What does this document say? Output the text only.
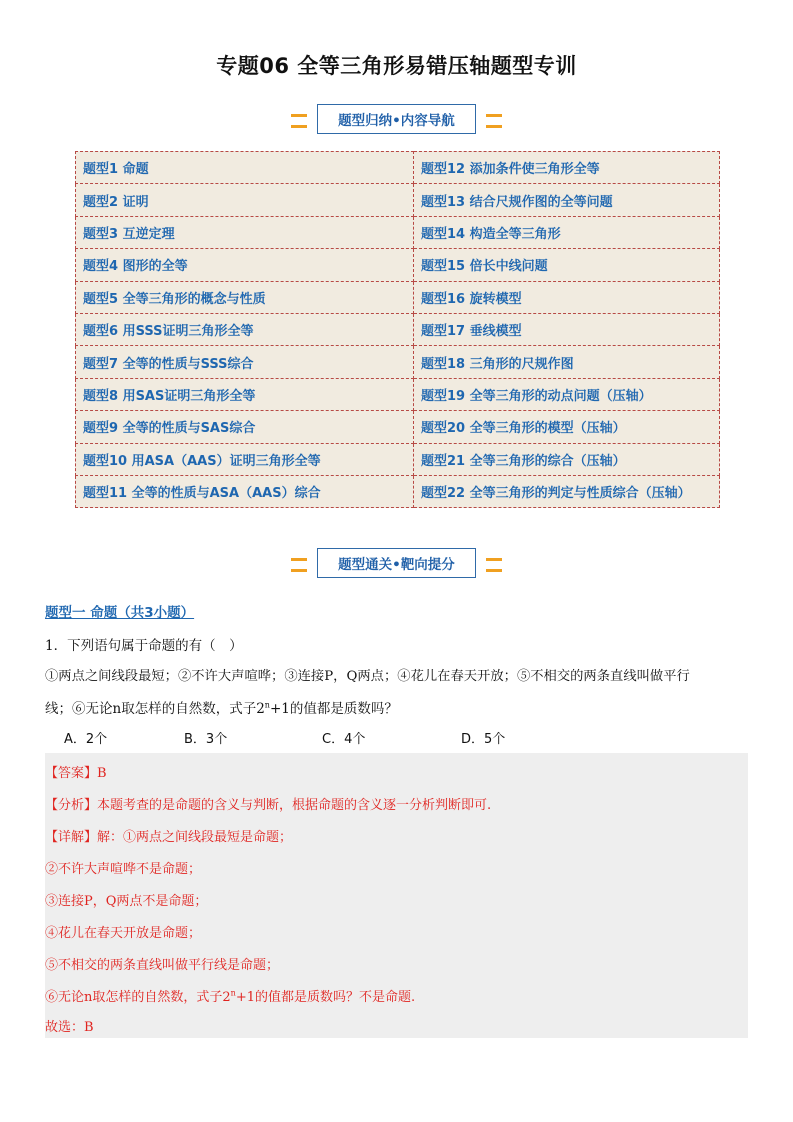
专题06 全等三角形易错压轴题型专训
题型归纳•内容导航
题型1 命题	题型12 添加条件使三角形全等
题型2 证明	题型13 结合尺规作图的全等问题
题型3 互逆定理	题型14 构造全等三角形
题型4 图形的全等	题型15 倍长中线问题
题型5 全等三角形的概念与性质	题型16 旋转模型
题型6 用SSS证明三角形全等	题型17 垂线模型
题型7 全等的性质与SSS综合	题型18 三角形的尺规作图
题型8 用SAS证明三角形全等	题型19 全等三角形的动点问题（压轴）
题型9 全等的性质与SAS综合	题型20 全等三角形的模型（压轴）
题型10 用ASA（AAS）证明三角形全等	题型21 全等三角形的综合（压轴）
题型11 全等的性质与ASA（AAS）综合	题型22 全等三角形的判定与性质综合（压轴）
题型通关•靶向提分
题型一 命题（共3小题）
1．下列语句属于命题的有（　）
①两点之间线段最短；②不许大声喧哗；③连接P，Q两点；④花儿在春天开放；⑤不相交的两条直线叫做平行
线；⑥无论n取怎样的自然数，式子$2^n+1$的值都是质数吗？
A．2个	B．3个	C．4个	D．5个
【答案】B
【分析】本题考查的是命题的含义与判断，根据命题的含义逐一分析判断即可.
【详解】解：①两点之间线段最短是命题；
②不许大声喧哗不是命题；
③连接P，Q两点不是命题；
④花儿在春天开放是命题；
⑤不相交的两条直线叫做平行线是命题；
⑥无论n取怎样的自然数，式子$2^n+1$的值都是质数吗？不是命题.
故选：B
